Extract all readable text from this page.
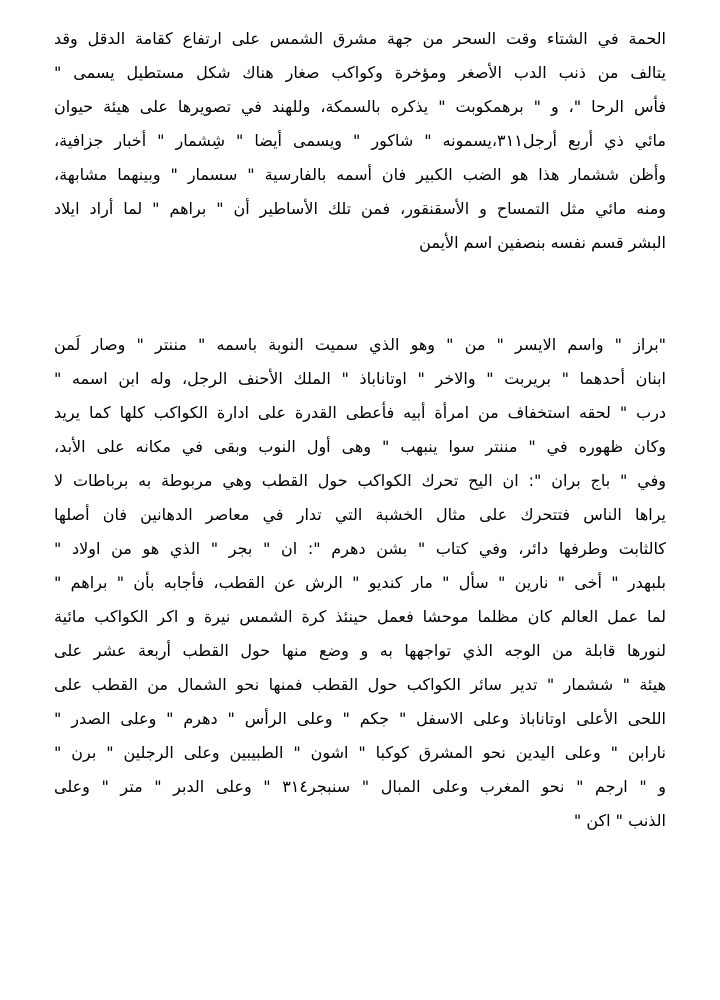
الحمة في الشتاء وقت السحر من جهة مشرق الشمس على ارتفاع كقامة الدقل وقد
يتالف من ذنب الدب الأصغر ومؤخرة وكواكب صغار هناك شكل مستطيل يسمى "
فأس الرحا "، و " برهمكوبت " يذكره بالسمكة، وللهند في تصويرها على هيئة حيوان
مائي ذي أربع أرجل٣١١،يسمونه " شاكور " ويسمى أيضا " شِشمار " أخبار جزافية،
وأظن ششمار هذا هو الضب الكبير فان أسمه بالفارسية " سسمار " وبينهما مشابهة،
ومنه مائي مثل التمساح و الأسقنقور، فمن تلك الأساطير أن " براهم " لما أراد ايلاد
البشر قسم نفسه بنصفين اسم الأيمن
"براز " واسم الايسر " من " وهو الذي سميت النوبة باسمه " مننتر " وصار لَمن
ابنان أحدهما " بريربت " والاخر " اوتاناباذ " الملك الأحنف الرجل، وله ابن اسمه "
درب " لحقه استخفاف من امرأة أبيه فأعطى القدرة على ادارة الكواكب كلها كما يريد
وكان ظهوره في " مننتر سوا ينبهب " وهى أول النوب وبقى في مكانه على الأبد،
وفي " باج بران ": ان اليح تحرك الكواكب حول القطب وهي مربوطة به برباطات لا
يراها الناس فتتحرك على مثال الخشبة التي تدار في معاصر الدهانين فان أصلها
كالثابت وطرفها دائر، وفي كتاب " بشن دهرم ": ان " بجر " الذي هو من اولاد "
بلبهدر " أخى " نارين " سأل " مار كنديو " الرش عن القطب، فأجابه بأن " براهم "
لما عمل العالم كان مظلما موحشا فعمل حينئذ كرة الشمس نيرة و اكر الكواكب مائية
لنورها قابلة من الوجه الذي تواجهها به و وضع منها حول القطب أربعة عشر على
هيئة " ششمار " تدير سائر الكواكب حول القطب فمنها نحو الشمال من القطب على
اللحى الأعلى اوتاناباذ وعلى الاسفل " جكم " وعلى الرأس " دهرم " وعلى الصدر "
نارابن " وعلى اليدين نحو المشرق كوكبا " اشون " الطبيبين وعلى الرجلين " برن "
و " ارجم " نحو المغرب وعلى المبال " سنبجر٣١٤ " وعلى الدبر " متر " وعلى
الذنب " اكن "
